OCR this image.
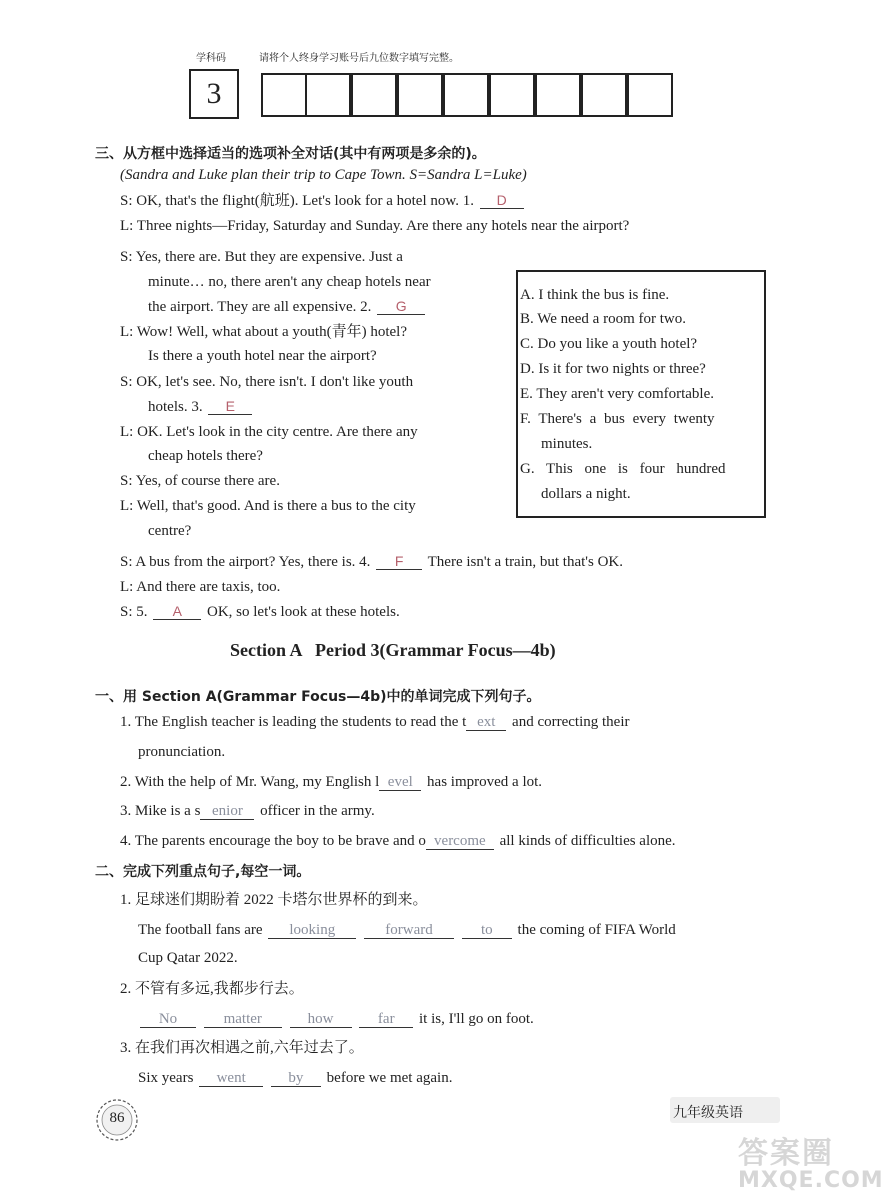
学科码	请将个人终身学习账号后九位数字填写完整。
3
三、从方框中选择适当的选项补全对话(其中有两项是多余的)。
(Sandra and Luke plan their trip to Cape Town. S=Sandra L=Luke)
S: OK, that's the flight(航班). Let's look for a hotel now. 1. D
L: Three nights—Friday, Saturday and Sunday. Are there any hotels near the airport?
S: Yes, there are. But they are expensive. Just a
minute… no, there aren't any cheap hotels near
the airport. They are all expensive. 2. G
L: Wow! Well, what about a youth(青年) hotel?
Is there a youth hotel near the airport?
S: OK, let's see. No, there isn't. I don't like youth
hotels. 3. E
L: OK. Let's look in the city centre. Are there any
cheap hotels there?
S: Yes, of course there are.
L: Well, that's good. And is there a bus to the city
centre?
S: A bus from the airport? Yes, there is. 4. F There isn't a train, but that's OK.
L: And there are taxis, too.
S: 5. A OK, so let's look at these hotels.
A. I think the bus is fine.
B. We need a room for two.
C. Do you like a youth hotel?
D. Is it for two nights or three?
E. They aren't very comfortable.
F. There's a bus every twenty
minutes.
G. This one is four hundred
dollars a night.
Section A   Period 3(Grammar Focus—4b)
一、用 Section A(Grammar Focus—4b)中的单词完成下列句子。
1. The English teacher is leading the students to read the t ext and correcting their
pronunciation.
2. With the help of Mr. Wang, my English l evel has improved a lot.
3. Mike is a s enior officer in the army.
4. The parents encourage the boy to be brave and o vercome all kinds of difficulties alone.
二、完成下列重点句子,每空一词。
1. 足球迷们期盼着 2022 卡塔尔世界杯的到来。
The football fans are looking	forward	to the coming of FIFA World
Cup Qatar 2022.
2. 不管有多远,我都步行去。
No	matter	how	far it is, I'll go on foot.
3. 在我们再次相遇之前,六年过去了。
Six years went	by before we met again.
86	九年级英语
答案圈
MXQE.COM
